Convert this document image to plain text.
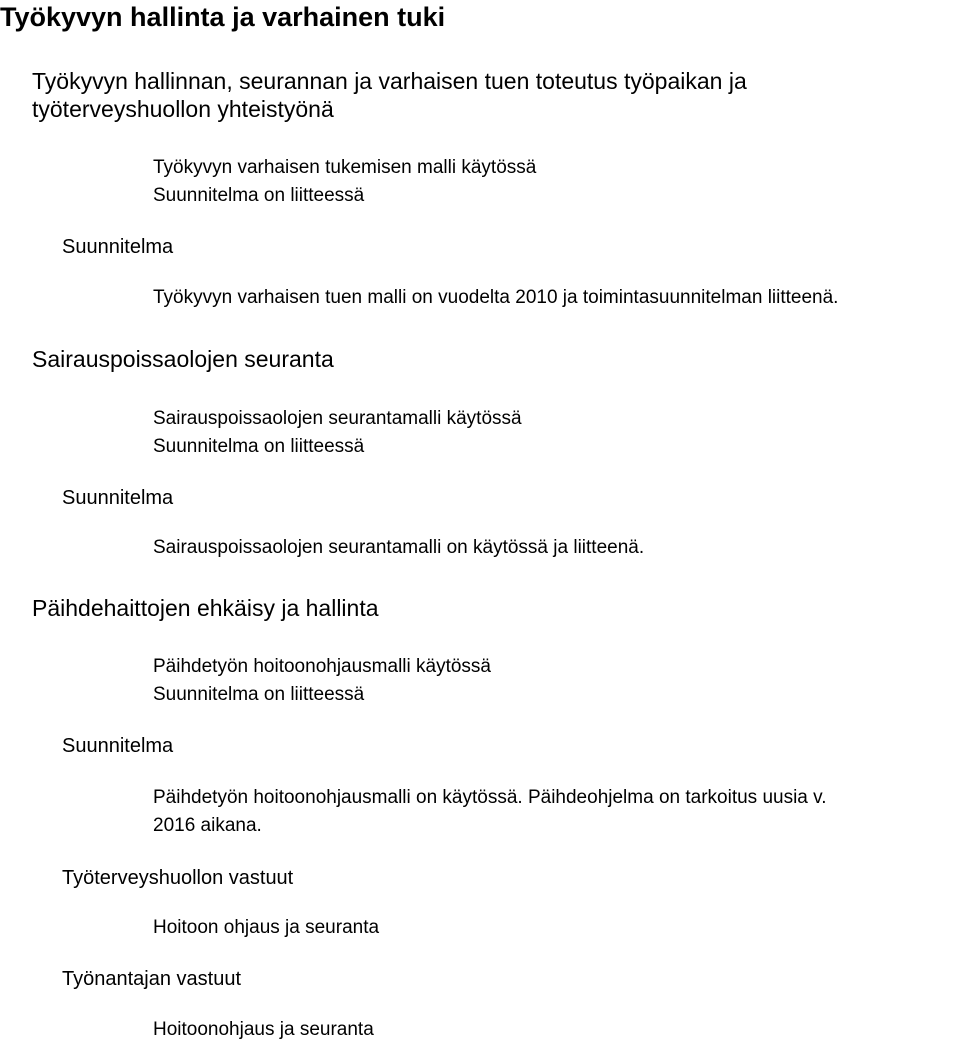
Työkyvyn hallinta ja varhainen tuki
Työkyvyn hallinnan, seurannan ja varhaisen tuen toteutus työpaikan ja
työterveyshuollon yhteistyönä
Työkyvyn varhaisen tukemisen malli käytössä
Suunnitelma on liitteessä
Suunnitelma
Työkyvyn varhaisen tuen malli on vuodelta 2010 ja toimintasuunnitelman liitteenä.
Sairauspoissaolojen seuranta
Sairauspoissaolojen seurantamalli käytössä
Suunnitelma on liitteessä
Suunnitelma
Sairauspoissaolojen seurantamalli on käytössä ja liitteenä.
Päihdehaittojen ehkäisy ja hallinta
Päihdetyön hoitoonohjausmalli käytössä
Suunnitelma on liitteessä
Suunnitelma
Päihdetyön hoitoonohjausmalli on käytössä. Päihdeohjelma on tarkoitus uusia v.
2016 aikana.
Työterveyshuollon vastuut
Hoitoon ohjaus ja seuranta
Työnantajan vastuut
Hoitoonohjaus ja seuranta
